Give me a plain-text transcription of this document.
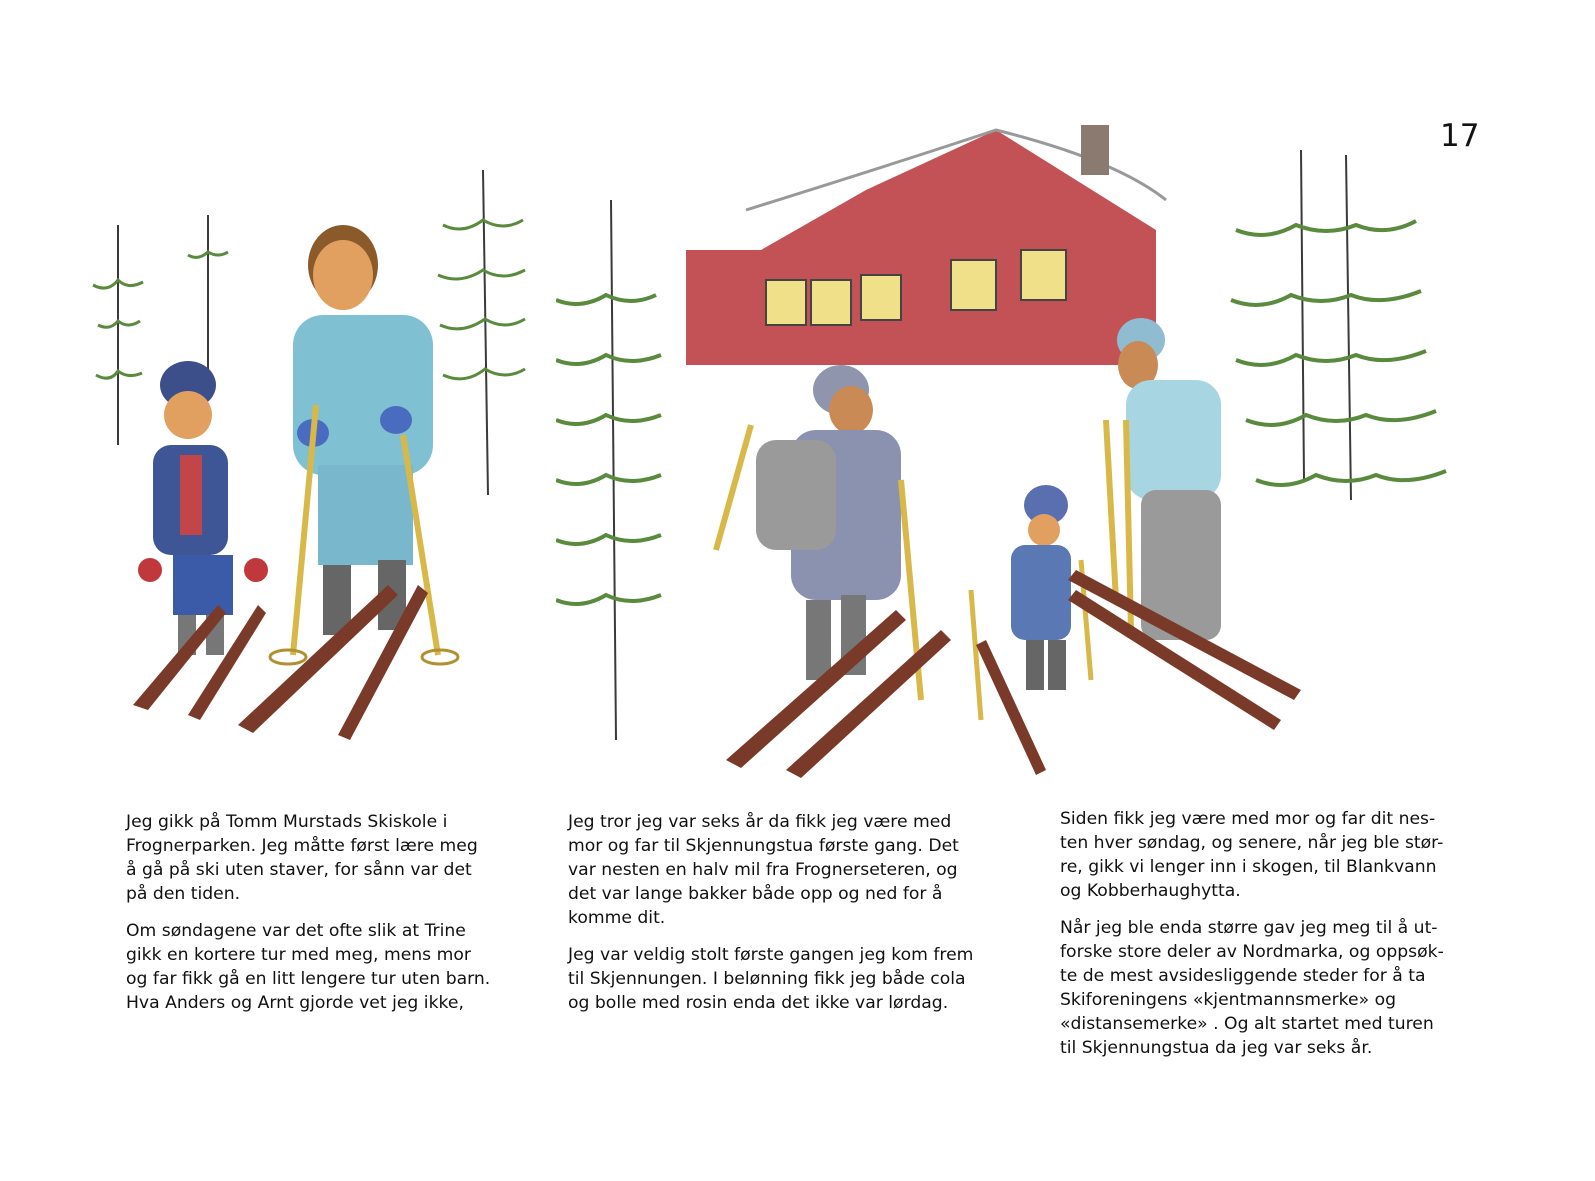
17

Jeg gikk på Tomm Murstads Skiskole i
Frognerparken. Jeg måtte først lære meg
å gå på ski uten staver, for sånn var det
på den tiden.

Om søndagene var det ofte slik at Trine
gikk en kortere tur med meg, mens mor
og far fikk gå en litt lengere tur uten barn.
Hva Anders og Arnt gjorde vet jeg ikke,

Jeg tror jeg var seks år da fikk jeg være med
mor og far til Skjennungstua første gang. Det
var nesten en halv mil fra Frognerseteren, og
det var lange bakker både opp og ned for å
komme dit.

Jeg var veldig stolt første gangen jeg kom frem
til Skjennungen. I belønning fikk jeg både cola
og bolle med rosin enda det ikke var lørdag.

Siden fikk jeg være med mor og far dit nes-
ten hver søndag, og senere, når jeg ble stør-
re, gikk vi lenger inn i skogen, til Blankvann
og Kobberhaughytta.

Når jeg ble enda større gav jeg meg til å ut-
forske store deler av Nordmarka, og oppsøk-
te de mest avsidesliggende steder for å ta
Skiforeningens «kjentmannsmerke» og
«distansemerke» . Og alt startet med turen
til Skjennungstua da jeg var seks år.
